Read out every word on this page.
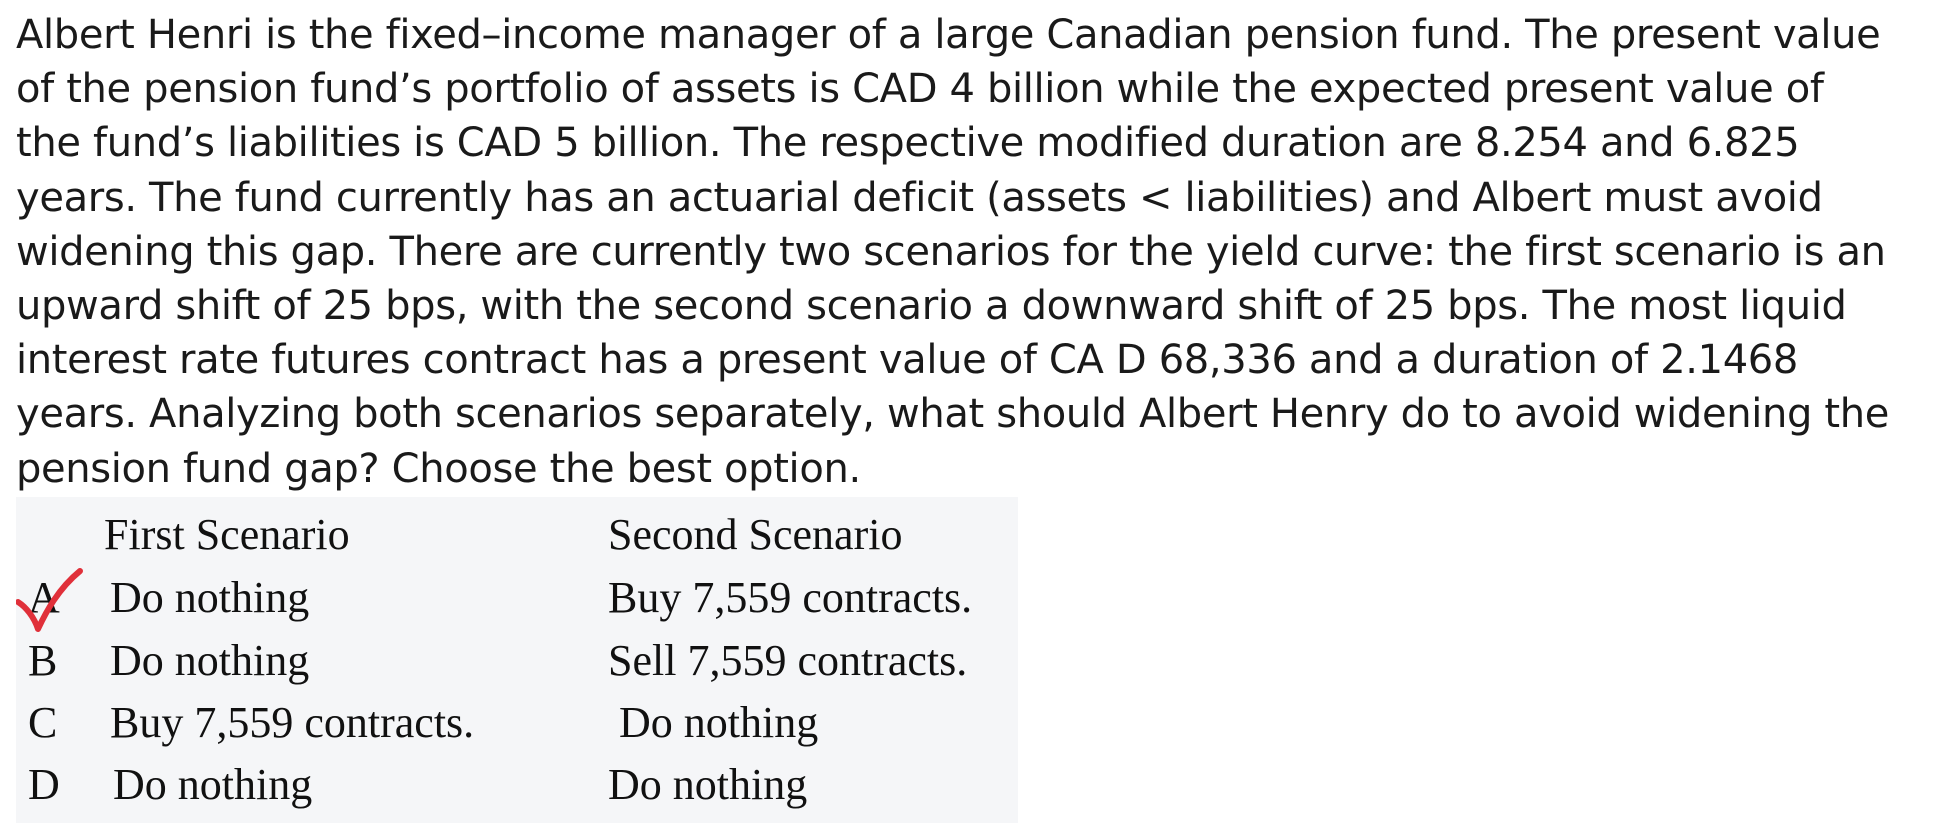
Albert Henri is the fixed–income manager of a large Canadian pension fund. The present value
of the pension fund’s portfolio of assets is CAD 4 billion while the expected present value of
the fund’s liabilities is CAD 5 billion. The respective modified duration are 8.254 and 6.825
years. The fund currently has an actuarial deficit (assets < liabilities) and Albert must avoid
widening this gap. There are currently two scenarios for the yield curve: the first scenario is an
upward shift of 25 bps, with the second scenario a downward shift of 25 bps. The most liquid
interest rate futures contract has a present value of CA D 68,336 and a duration of 2.1468
years. Analyzing both scenarios separately, what should Albert Henry do to avoid widening the
pension fund gap? Choose the best option.
First Scenario	Second Scenario
A Do nothing	Buy 7,559 contracts.
B Do nothing	Sell 7,559 contracts.
C Buy 7,559 contracts.	Do nothing
D Do nothing	Do nothing
